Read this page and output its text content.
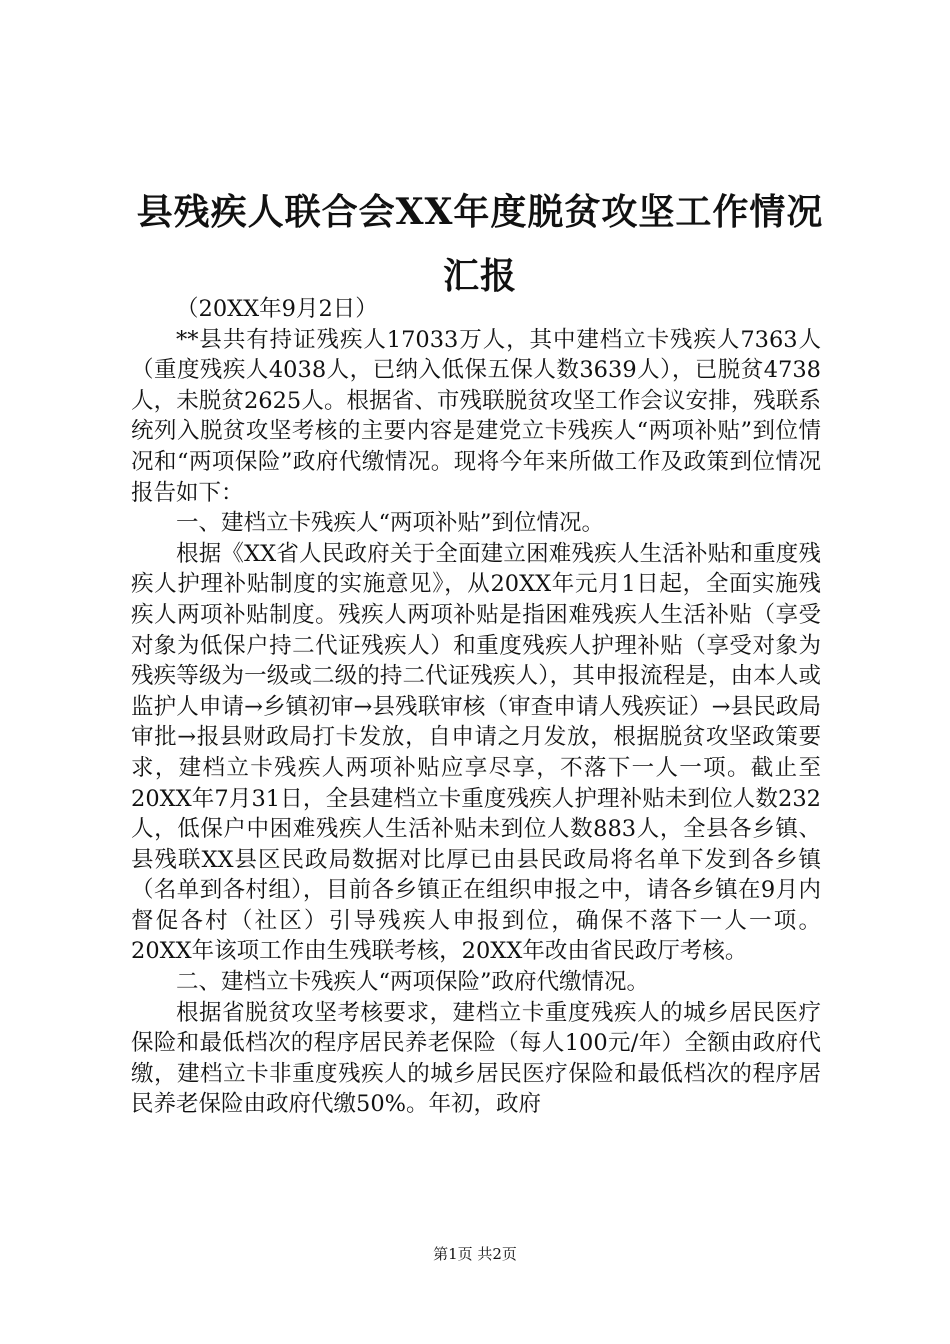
县残疾人联合会XX年度脱贫攻坚工作情况汇报

（20XX年9月2日）

**县共有持证残疾人17033万人，其中建档立卡残疾人7363人（重度残疾人4038人，已纳入低保五保人数3639人），已脱贫4738人，未脱贫2625人。根据省、市残联脱贫攻坚工作会议安排，残联系统列入脱贫攻坚考核的主要内容是建党立卡残疾人“两项补贴”到位情况和“两项保险”政府代缴情况。现将今年来所做工作及政策到位情况报告如下：

一、建档立卡残疾人“两项补贴”到位情况。

根据《XX省人民政府关于全面建立困难残疾人生活补贴和重度残疾人护理补贴制度的实施意见》，从20XX年元月1日起，全面实施残疾人两项补贴制度。残疾人两项补贴是指困难残疾人生活补贴（享受对象为低保户持二代证残疾人）和重度残疾人护理补贴（享受对象为残疾等级为一级或二级的持二代证残疾人），其申报流程是，由本人或监护人申请→乡镇初审→县残联审核（审查申请人残疾证）→县民政局审批→报县财政局打卡发放，自申请之月发放，根据脱贫攻坚政策要求，建档立卡残疾人两项补贴应享尽享，不落下一人一项。截止至20XX年7月31日，全县建档立卡重度残疾人护理补贴未到位人数232人，低保户中困难残疾人生活补贴未到位人数883人，全县各乡镇、县残联XX县区民政局数据对比厚已由县民政局将名单下发到各乡镇（名单到各村组），目前各乡镇正在组织申报之中，请各乡镇在9月内督促各村（社区）引导残疾人申报到位，确保不落下一人一项。20XX年该项工作由生残联考核，20XX年改由省民政厅考核。

二、建档立卡残疾人“两项保险”政府代缴情况。

根据省脱贫攻坚考核要求，建档立卡重度残疾人的城乡居民医疗保险和最低档次的程序居民养老保险（每人100元/年）全额由政府代缴，建档立卡非重度残疾人的城乡居民医疗保险和最低档次的程序居民养老保险由政府代缴50%。年初，政府

第1页 共2页
